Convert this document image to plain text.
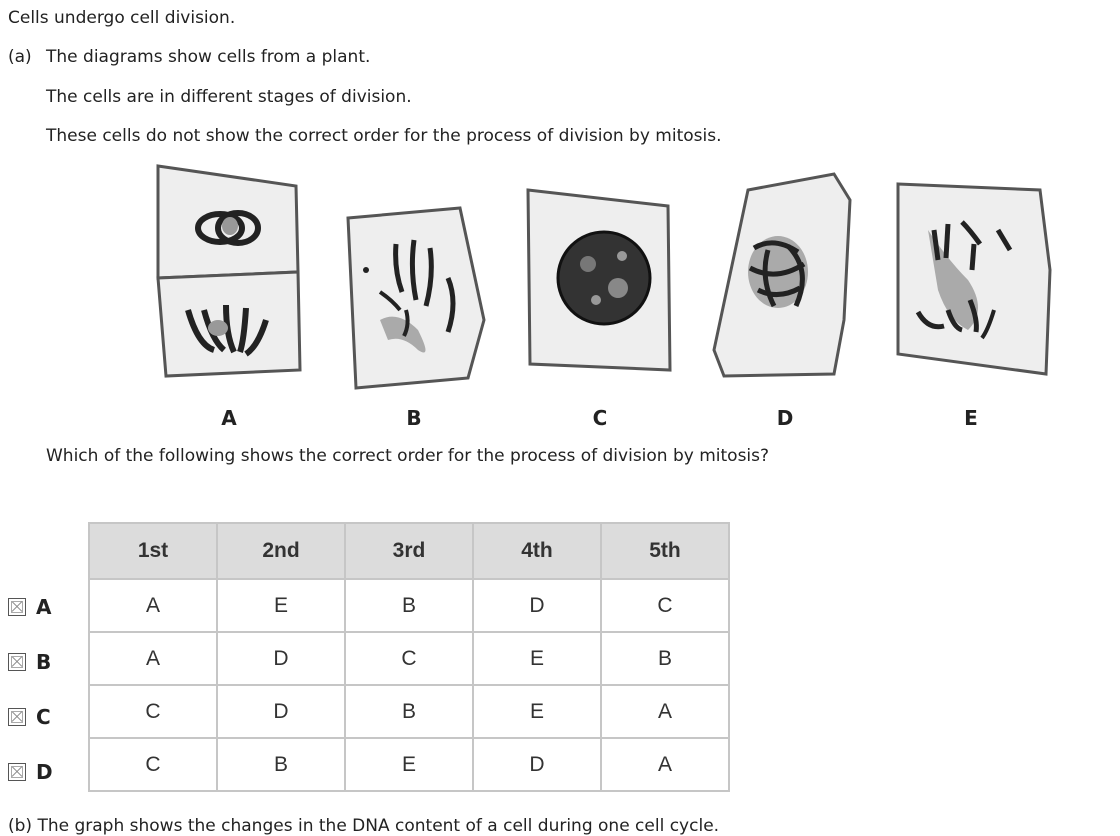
Cells undergo cell division.
(a) The diagrams show cells from a plant.
The cells are in different stages of division.
These cells do not show the correct order for the process of division by mitosis.
A	B	C	D	E
Which of the following shows the correct order for the process of division by mitosis?
1st	2nd	3rd	4th	5th
A	E	B	D	C
A	D	C	E	B
C	D	B	E	A
C	B	E	D	A
A
B
C
D
(b) The graph shows the changes in the DNA content of a cell during one cell cycle.
